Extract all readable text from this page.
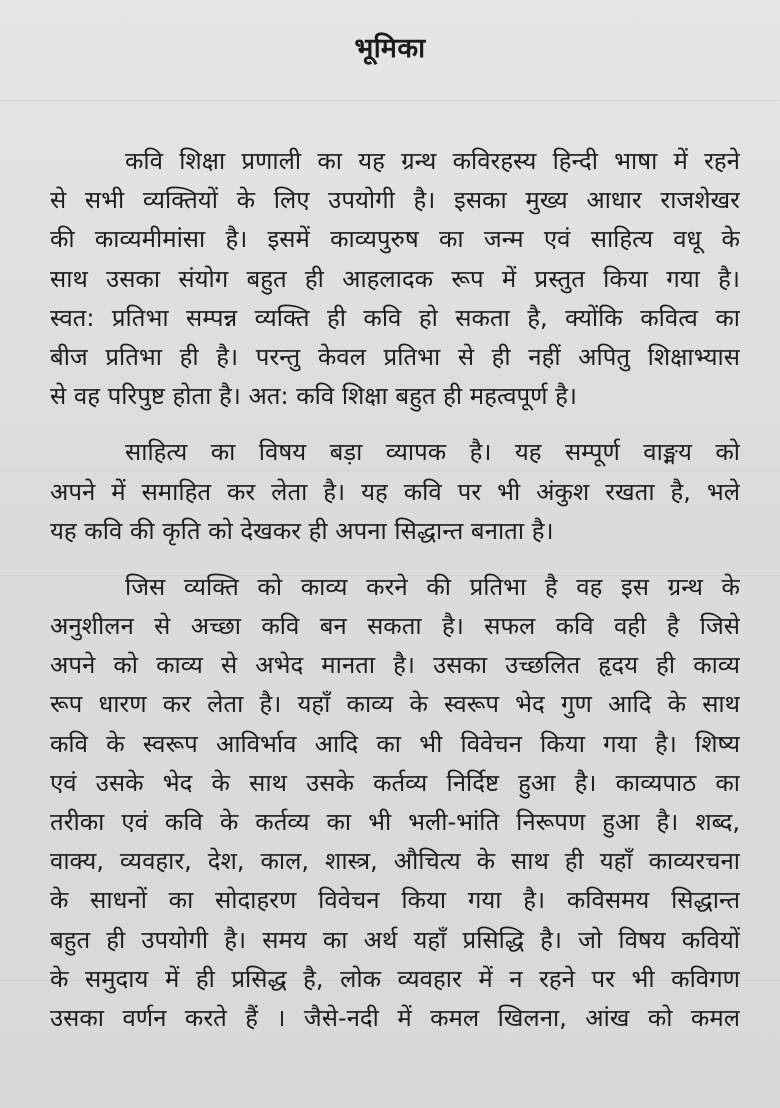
भूमिका
कवि शिक्षा प्रणाली का यह ग्रन्थ कविरहस्य हिन्दी भाषा में रहने
से सभी व्यक्तियों के लिए उपयोगी है। इसका मुख्य आधार राजशेखर
की काव्यमीमांसा है। इसमें काव्यपुरुष का जन्म एवं साहित्य वधू के
साथ उसका संयोग बहुत ही आहलादक रूप में प्रस्तुत किया गया है।
स्वत: प्रतिभा सम्पन्न व्यक्ति ही कवि हो सकता है, क्योंकि कवित्व का
बीज प्रतिभा ही है। परन्तु केवल प्रतिभा से ही नहीं अपितु शिक्षाभ्यास
से वह परिपुष्ट होता है। अत: कवि शिक्षा बहुत ही महत्वपूर्ण है।
साहित्य का विषय बड़ा व्यापक है। यह सम्पूर्ण वाङ्मय को
अपने में समाहित कर लेता है। यह कवि पर भी अंकुश रखता है, भले
यह कवि की कृति को देखकर ही अपना सिद्धान्त बनाता है।
जिस व्यक्ति को काव्य करने की प्रतिभा है वह इस ग्रन्थ के
अनुशीलन से अच्छा कवि बन सकता है। सफल कवि वही है जिसे
अपने को काव्य से अभेद मानता है। उसका उच्छलित हृदय ही काव्य
रूप धारण कर लेता है। यहाँ काव्य के स्वरूप भेद गुण आदि के साथ
कवि के स्वरूप आविर्भाव आदि का भी विवेचन किया गया है। शिष्य
एवं उसके भेद के साथ उसके कर्तव्य निर्दिष्ट हुआ है। काव्यपाठ का
तरीका एवं कवि के कर्तव्य का भी भली-भांति निरूपण हुआ है। शब्द,
वाक्य, व्यवहार, देश, काल, शास्त्र, औचित्य के साथ ही यहाँ काव्यरचना
के साधनों का सोदाहरण विवेचन किया गया है। कविसमय सिद्धान्त
बहुत ही उपयोगी है। समय का अर्थ यहाँ प्रसिद्धि है। जो विषय कवियों
के समुदाय में ही प्रसिद्ध है, लोक व्यवहार में न रहने पर भी कविगण
उसका वर्णन करते हैं । जैसे-नदी में कमल खिलना, आंख को कमल
